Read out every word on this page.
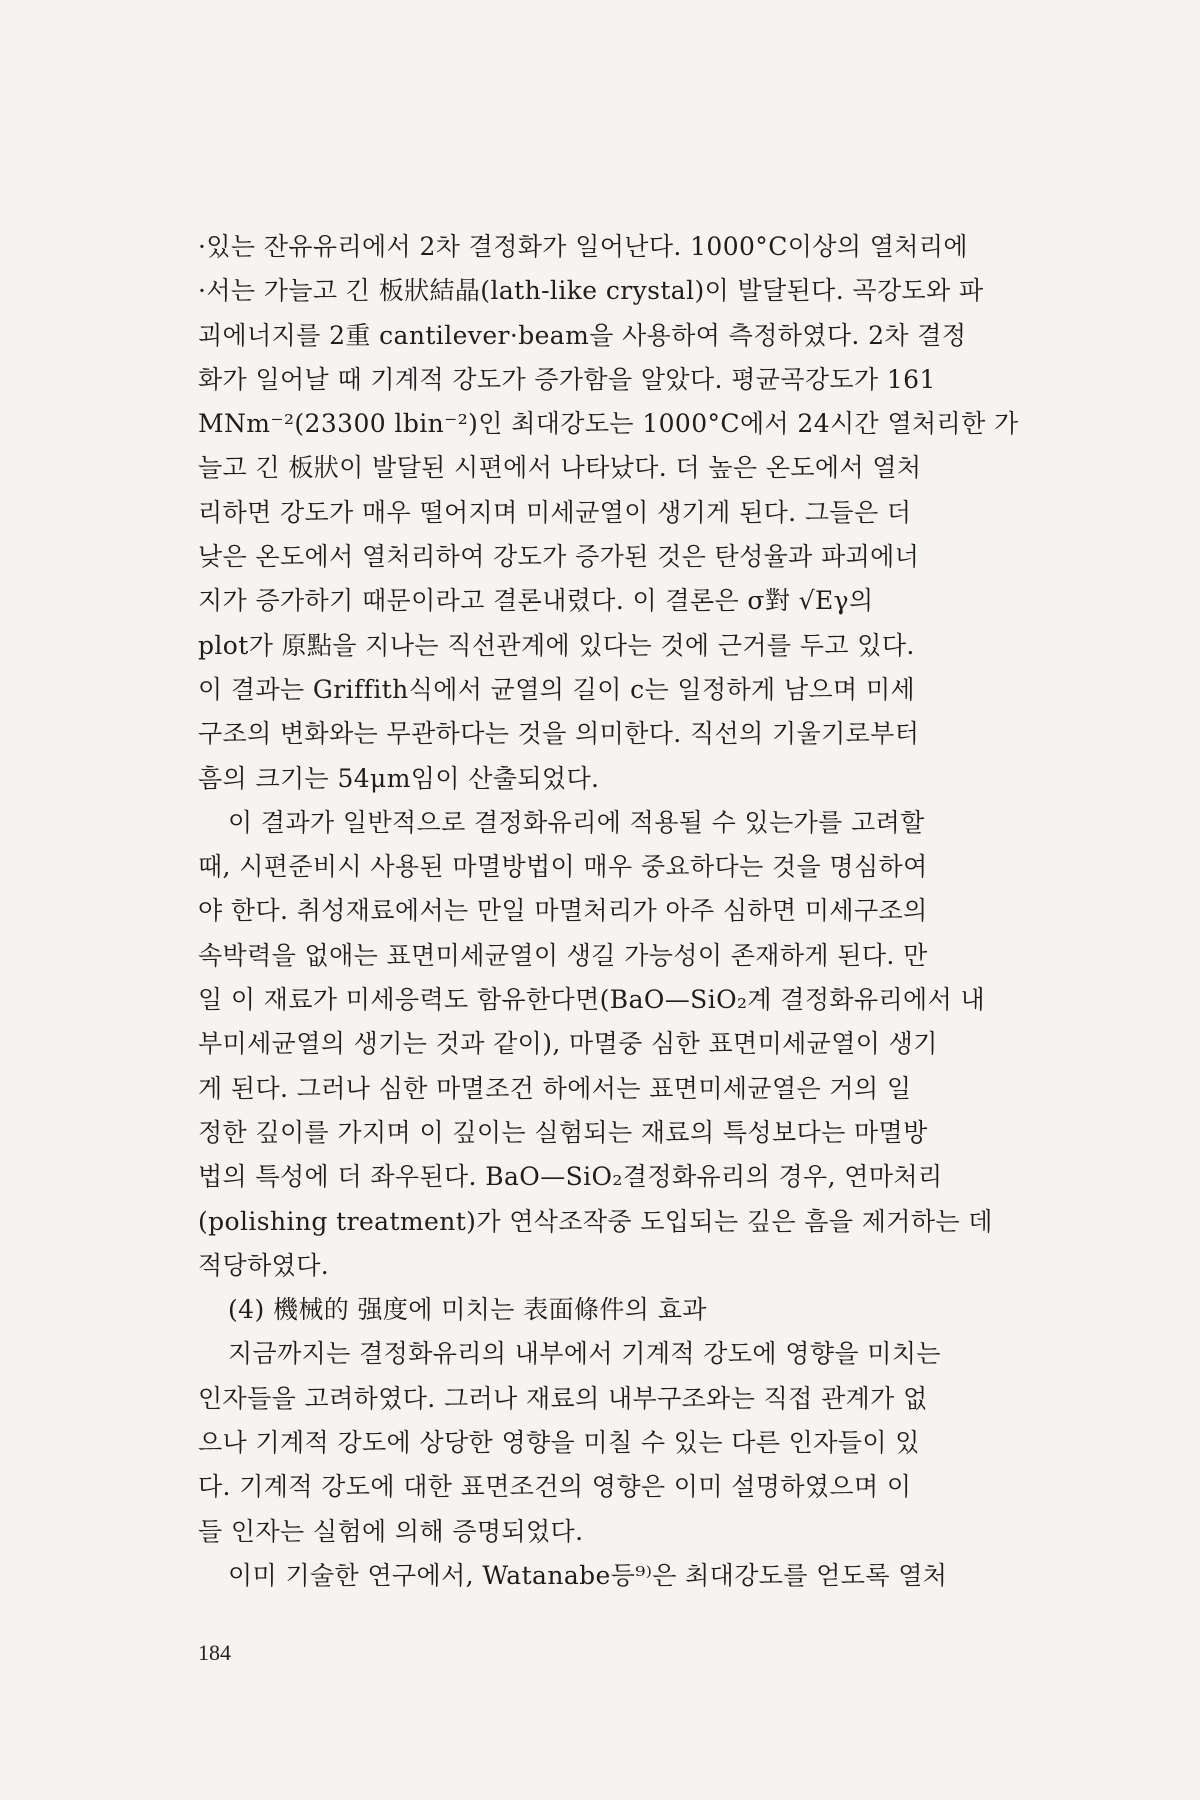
·있는 잔유유리에서 2차 결정화가 일어난다. 1000°C이상의 열처리에
·서는 가늘고 긴 板狀結晶(lath-like crystal)이 발달된다. 곡강도와 파
괴에너지를 2重 cantilever·beam을 사용하여 측정하였다. 2차 결정
화가 일어날 때 기계적 강도가 증가함을 알았다. 평균곡강도가 161
MNm⁻²(23300 lbin⁻²)인 최대강도는 1000°C에서 24시간 열처리한 가
늘고 긴 板狀이 발달된 시편에서 나타났다. 더 높은 온도에서 열처
리하면 강도가 매우 떨어지며 미세균열이 생기게 된다. 그들은 더
낮은 온도에서 열처리하여 강도가 증가된 것은 탄성율과 파괴에너
지가 증가하기 때문이라고 결론내렸다. 이 결론은 σ對 √Eγ의
plot가 原點을 지나는 직선관계에 있다는 것에 근거를 두고 있다.
이 결과는 Griffith식에서 균열의 길이 c는 일정하게 남으며 미세
구조의 변화와는 무관하다는 것을 의미한다. 직선의 기울기로부터
흠의 크기는 54μm임이 산출되었다.
이 결과가 일반적으로 결정화유리에 적용될 수 있는가를 고려할
때, 시편준비시 사용된 마멸방법이 매우 중요하다는 것을 명심하여
야 한다. 취성재료에서는 만일 마멸처리가 아주 심하면 미세구조의
속박력을 없애는 표면미세균열이 생길 가능성이 존재하게 된다. 만
일 이 재료가 미세응력도 함유한다면(BaO—SiO₂계 결정화유리에서 내
부미세균열의 생기는 것과 같이), 마멸중 심한 표면미세균열이 생기
게 된다. 그러나 심한 마멸조건 하에서는 표면미세균열은 거의 일
정한 깊이를 가지며 이 깊이는 실험되는 재료의 특성보다는 마멸방
법의 특성에 더 좌우된다. BaO—SiO₂결정화유리의 경우, 연마처리
(polishing treatment)가 연삭조작중 도입되는 깊은 흠을 제거하는 데
적당하였다.
(4) 機械的 强度에 미치는 表面條件의 효과
지금까지는 결정화유리의 내부에서 기계적 강도에 영향을 미치는
인자들을 고려하였다. 그러나 재료의 내부구조와는 직접 관계가 없
으나 기계적 강도에 상당한 영향을 미칠 수 있는 다른 인자들이 있
다. 기계적 강도에 대한 표면조건의 영향은 이미 설명하였으며 이
들 인자는 실험에 의해 증명되었다.
이미 기술한 연구에서, Watanabe등⁹⁾은 최대강도를 얻도록 열처
184
